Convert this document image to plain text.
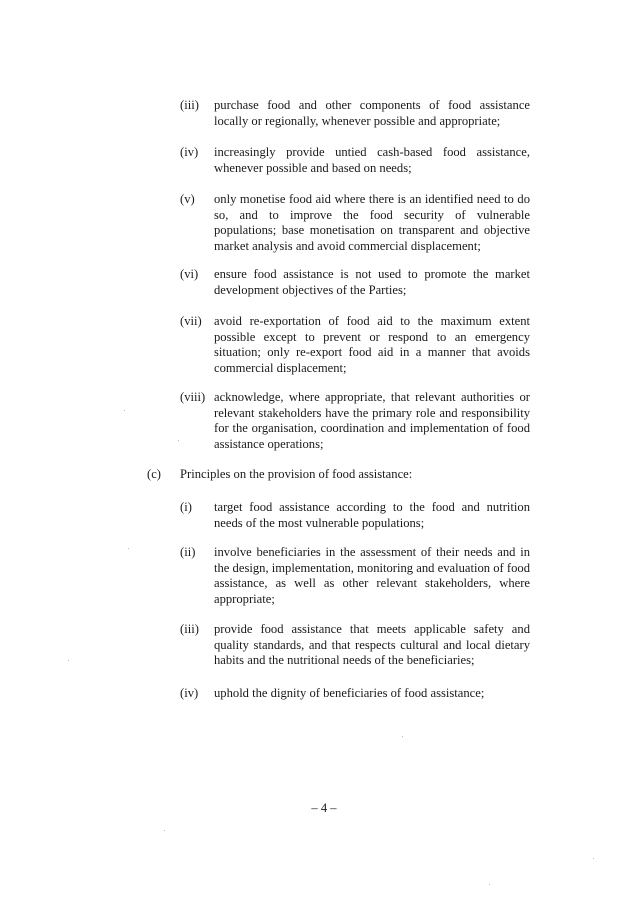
(iii) purchase food and other components of food assistance locally or regionally, whenever possible and appropriate;
(iv) increasingly provide untied cash-based food assistance, whenever possible and based on needs;
(v) only monetise food aid where there is an identified need to do so, and to improve the food security of vulnerable populations; base monetisation on transparent and objective market analysis and avoid commercial displacement;
(vi) ensure food assistance is not used to promote the market development objectives of the Parties;
(vii) avoid re-exportation of food aid to the maximum extent possible except to prevent or respond to an emergency situation; only re-export food aid in a manner that avoids commercial displacement;
(viii) acknowledge, where appropriate, that relevant authorities or relevant stakeholders have the primary role and responsibility for the organisation, coordination and implementation of food assistance operations;
(c) Principles on the provision of food assistance:
(i) target food assistance according to the food and nutrition needs of the most vulnerable populations;
(ii) involve beneficiaries in the assessment of their needs and in the design, implementation, monitoring and evaluation of food assistance, as well as other relevant stakeholders, where appropriate;
(iii) provide food assistance that meets applicable safety and quality standards, and that respects cultural and local dietary habits and the nutritional needs of the beneficiaries;
(iv) uphold the dignity of beneficiaries of food assistance;
– 4 –
